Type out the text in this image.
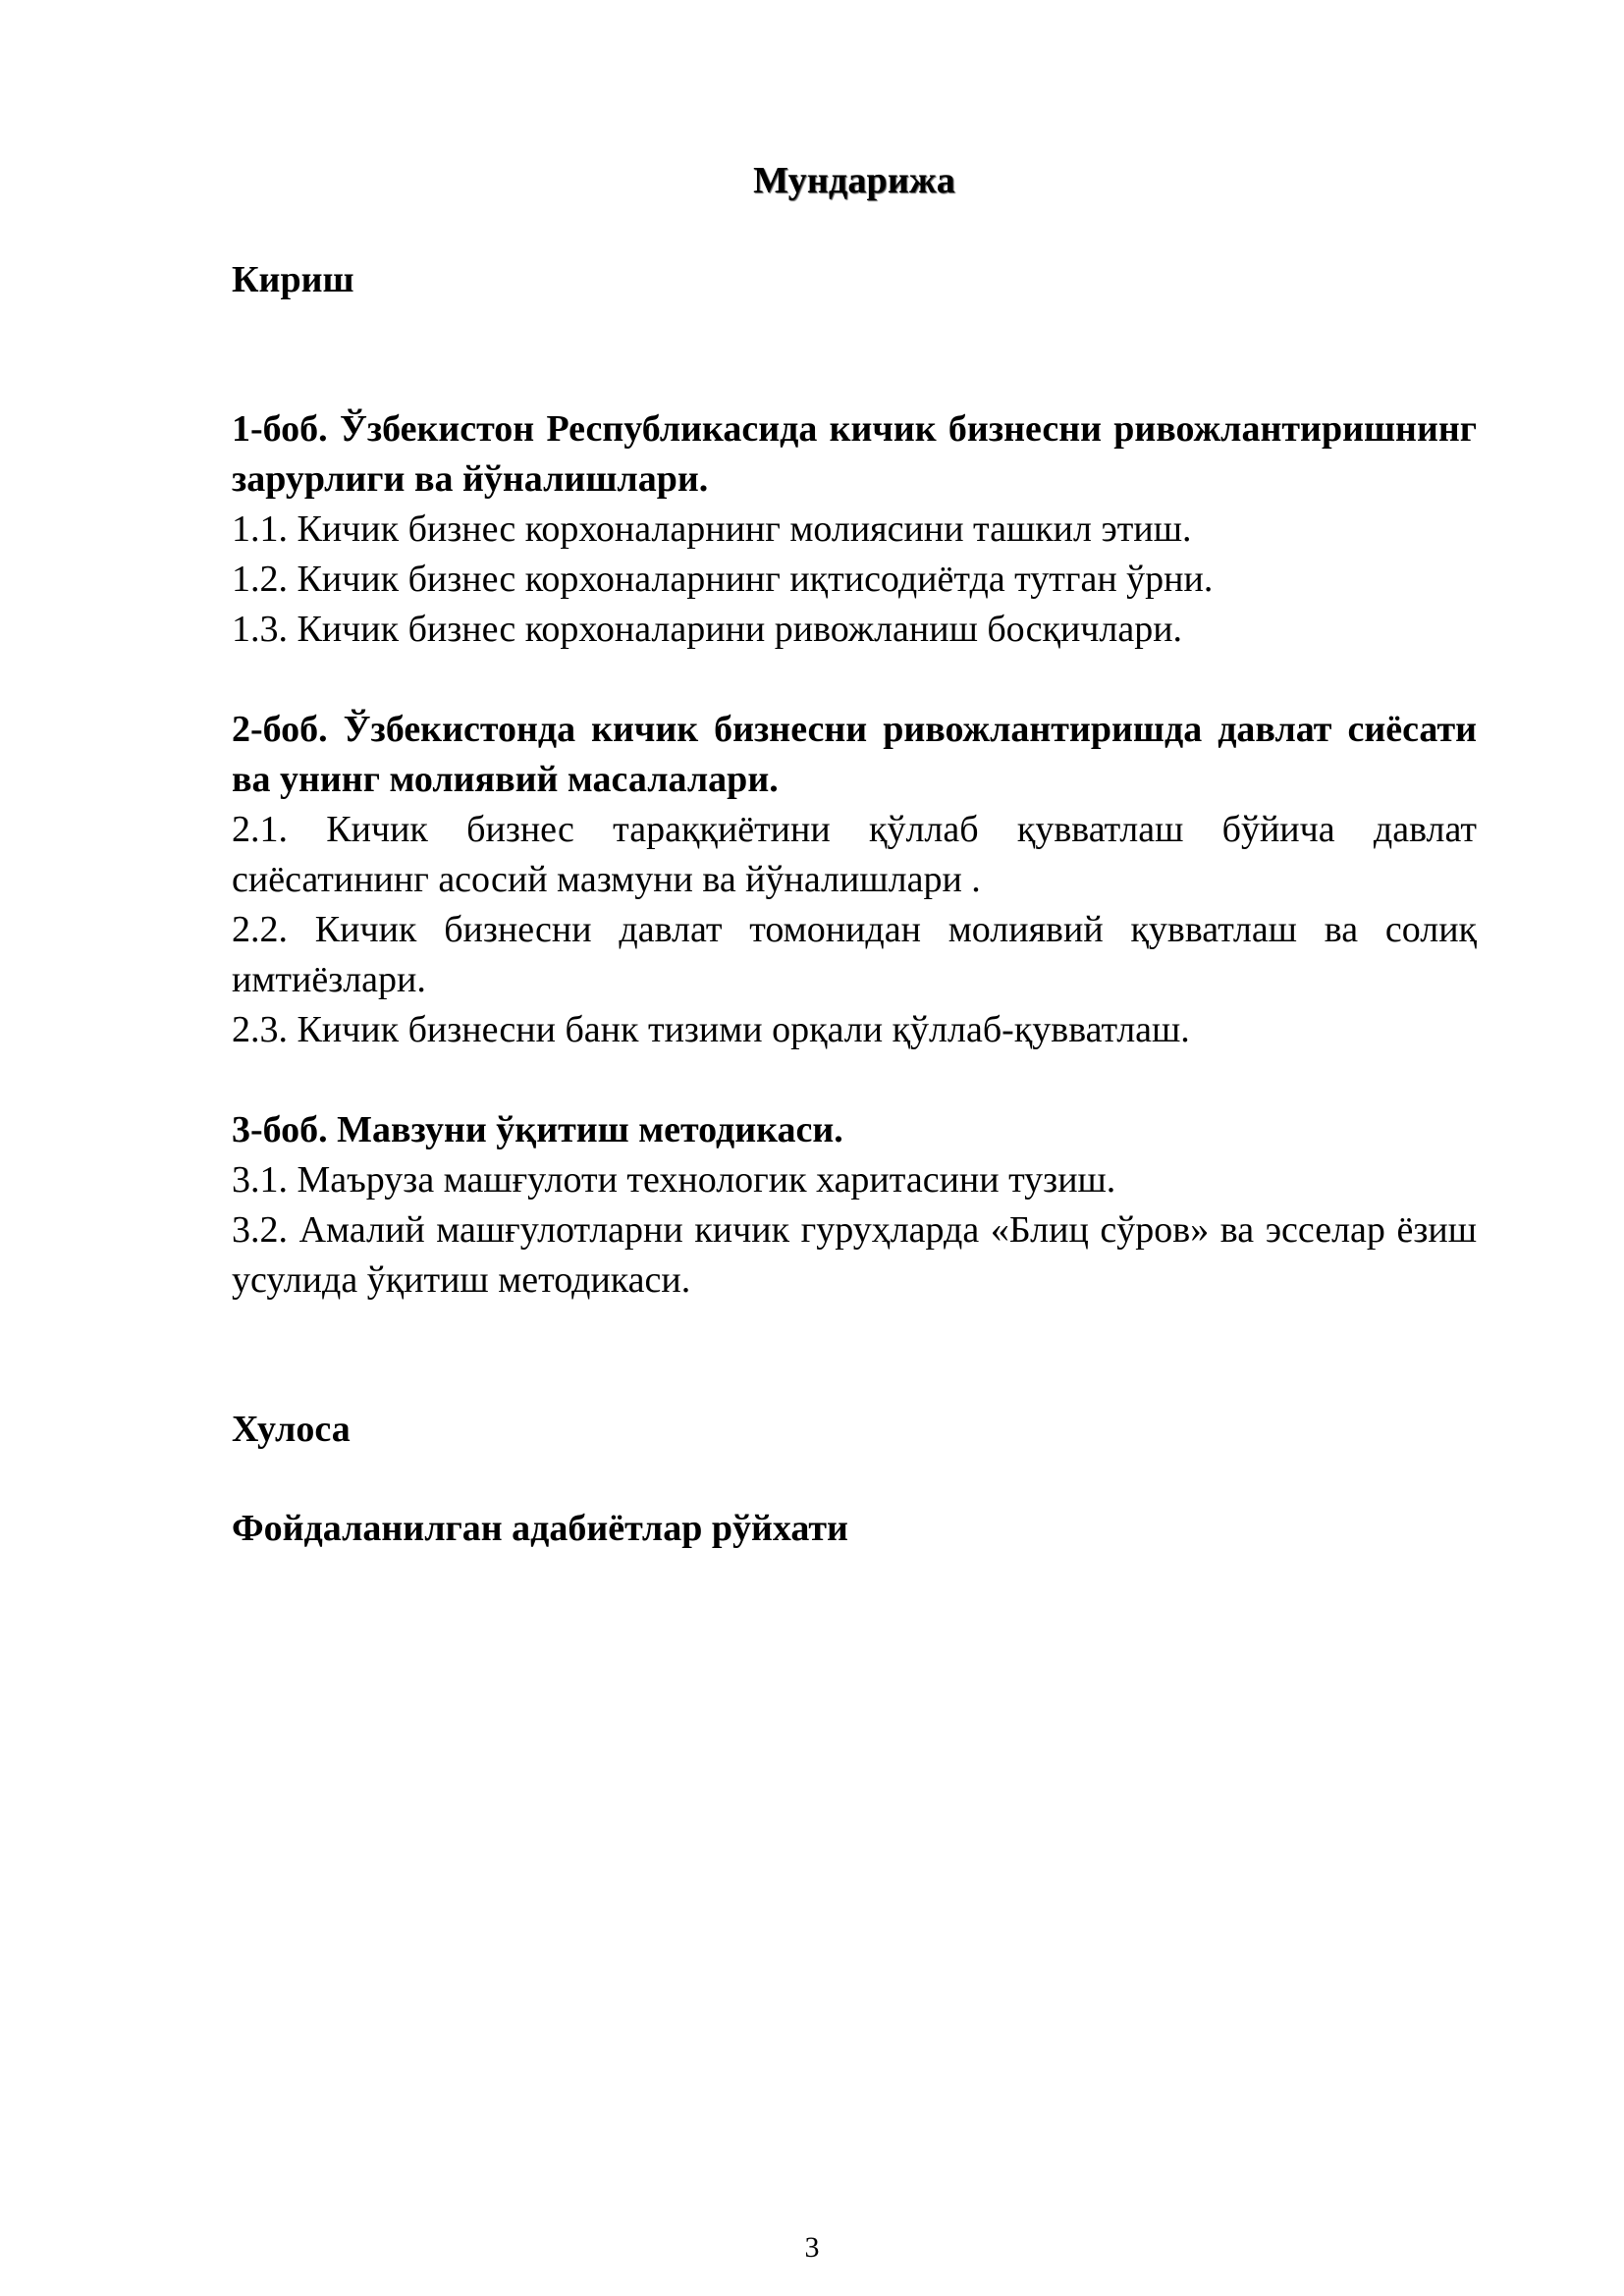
Мундарижа

Кириш

1-боб. Ўзбекистон Республикасида кичик бизнесни ривожлантиришнинг зарурлиги ва йўналишлари.

1.1. Кичик бизнес корхоналарнинг молиясини ташкил этиш.

1.2. Кичик бизнес корхоналарнинг иқтисодиётда тутган ўрни.

1.3. Кичик бизнес корхоналарини ривожланиш босқичлари.

2-боб. Ўзбекистонда кичик бизнесни ривожлантиришда давлат сиёсати ва унинг молиявий масалалари.

2.1. Кичик бизнес тараққиётини қўллаб қувватлаш бўйича давлат сиёсатининг асосий мазмуни ва йўналишлари .

2.2. Кичик бизнесни давлат томонидан молиявий қувватлаш ва солиқ имтиёзлари.

2.3. Кичик бизнесни банк тизими орқали қўллаб-қувватлаш.

3-боб. Мавзуни ўқитиш методикаси.

3.1. Маъруза машғулоти технологик харитасини тузиш.

3.2. Амалий машғулотларни кичик гуруҳларда «Блиц сўров» ва эсселар ёзиш усулида ўқитиш методикаси.

Хулоса

Фойдаланилган адабиётлар рўйхати

3
